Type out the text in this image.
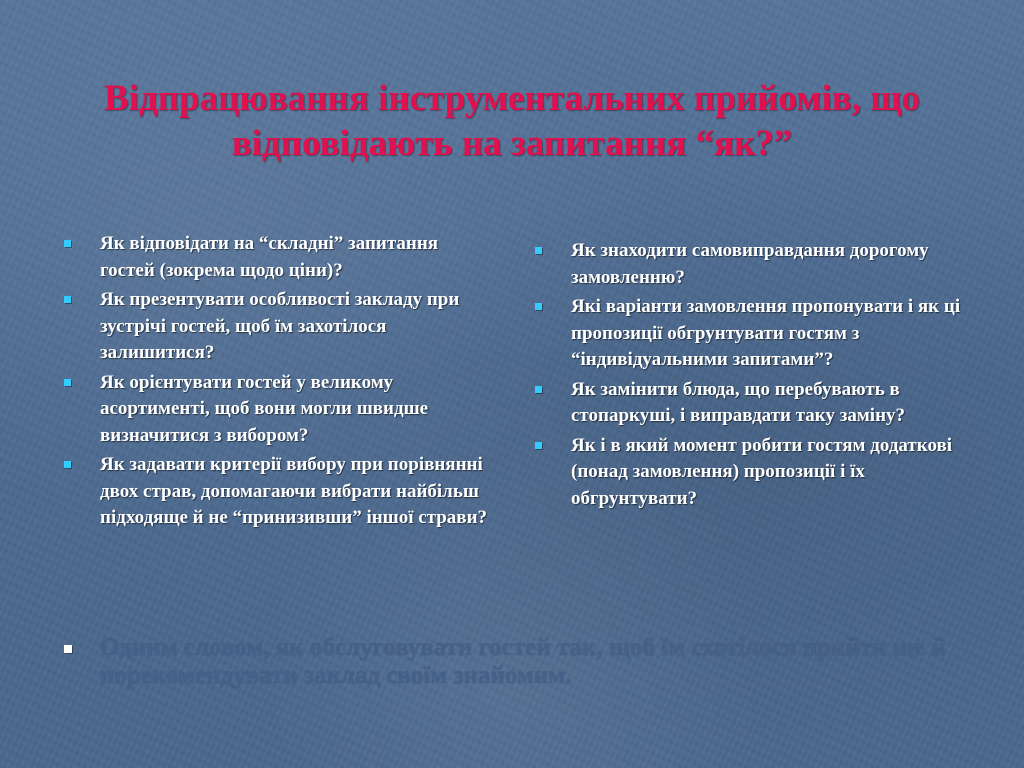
Відпрацювання інструментальних прийомів, що відповідають на запитання “як?”
Як відповідати на “складні” запитання гостей (зокрема щодо ціни)?
Як презентувати особливості закладу при зустрічі гостей, щоб їм захотілося залишитися?
Як орієнтувати гостей у великому асортименті, щоб вони могли швидше визначитися з вибором?
Як задавати критерії вибору при порівнянні двох страв, допомагаючи вибрати найбільш підходяще й не “принизивши” іншої страви?
Як знаходити самовиправдання дорогому замовленню?
Які варіанти замовлення пропонувати і як ці пропозиції обгрунтувати гостям з “індивідуальними запитами”?
Як замінити блюда, що перебувають в стопаркуші, і виправдати таку заміну?
Як і в який момент робити гостям додаткові (понад замовлення) пропозиції і їх обгрунтувати?

Одним словом, як обслуговувати гостей так, щоб їм схотілося прийти ще й порекомендувати заклад своїм знайомим.
